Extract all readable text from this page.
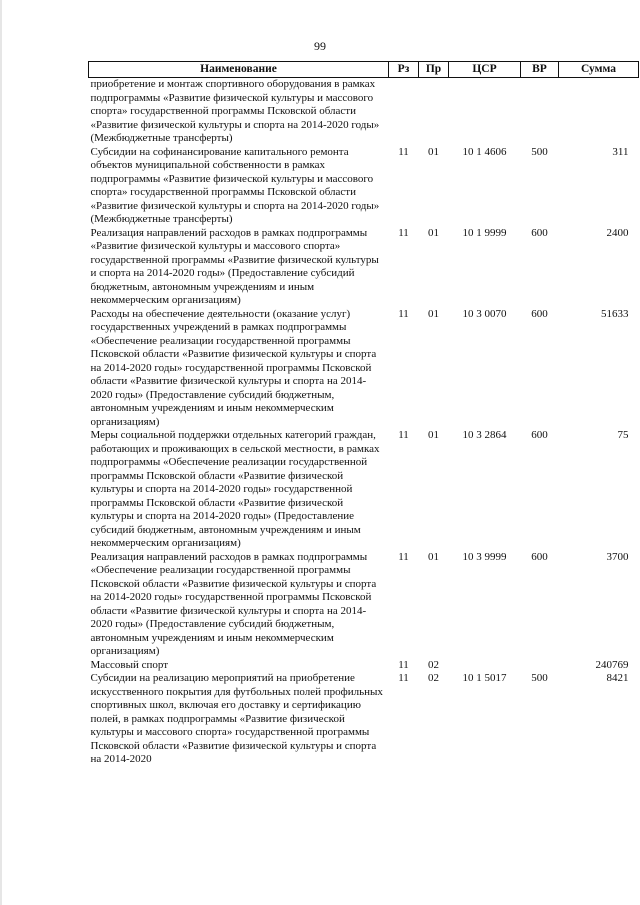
99
Наименование	Рз	Пр	ЦСР	ВР	Сумма
приобретение и монтаж спортивного оборудования в рамках подпрограммы «Развитие физической культуры и массового спорта» государственной программы Псковской области «Развитие физической культуры и спорта на 2014-2020 годы» (Межбюджетные трансферты)					
Субсидии на софинансирование капитального ремонта объектов муниципальной собственности в рамках подпрограммы «Развитие физической культуры и массового спорта» государственной программы Псковской области «Развитие физической культуры и спорта на 2014-2020 годы» (Межбюджетные трансферты)	11	01	10 1 4606	500	311
Реализация направлений расходов в рамках подпрограммы «Развитие физической культуры и массового спорта» государственной программы «Развитие физической культуры и спорта на 2014-2020 годы» (Предоставление субсидий бюджетным, автономным учреждениям и иным некоммерческим организациям)	11	01	10 1 9999	600	2400
Расходы на обеспечение деятельности (оказание услуг) государственных учреждений в рамках подпрограммы «Обеспечение реализации государственной программы Псковской области «Развитие физической культуры и спорта на 2014-2020 годы» государственной программы Псковской области «Развитие физической культуры и спорта на 2014-2020 годы» (Предоставление субсидий бюджетным, автономным учреждениям и иным некоммерческим организациям)	11	01	10 3 0070	600	51633
Меры социальной поддержки отдельных категорий граждан, работающих и проживающих в сельской местности, в рамках подпрограммы «Обеспечение реализации государственной программы Псковской области «Развитие физической культуры и спорта на 2014-2020 годы» государственной программы Псковской области «Развитие физической культуры и спорта на 2014-2020 годы» (Предоставление субсидий бюджетным, автономным учреждениям и иным некоммерческим организациям)	11	01	10 3 2864	600	75
Реализация направлений расходов в рамках подпрограммы «Обеспечение реализации государственной программы Псковской области «Развитие физической культуры и спорта на 2014-2020 годы» государственной программы Псковской области «Развитие физической культуры и спорта на 2014-2020 годы» (Предоставление субсидий бюджетным, автономным учреждениям и иным некоммерческим организациям)	11	01	10 3 9999	600	3700
Массовый спорт	11	02			240769
Субсидии на реализацию мероприятий на приобретение искусственного покрытия для футбольных полей профильных спортивных школ, включая его доставку и сертификацию полей, в рамках подпрограммы «Развитие физической культуры и массового спорта» государственной программы Псковской области «Развитие физической культуры и спорта на 2014-2020	11	02	10 1 5017	500	8421
